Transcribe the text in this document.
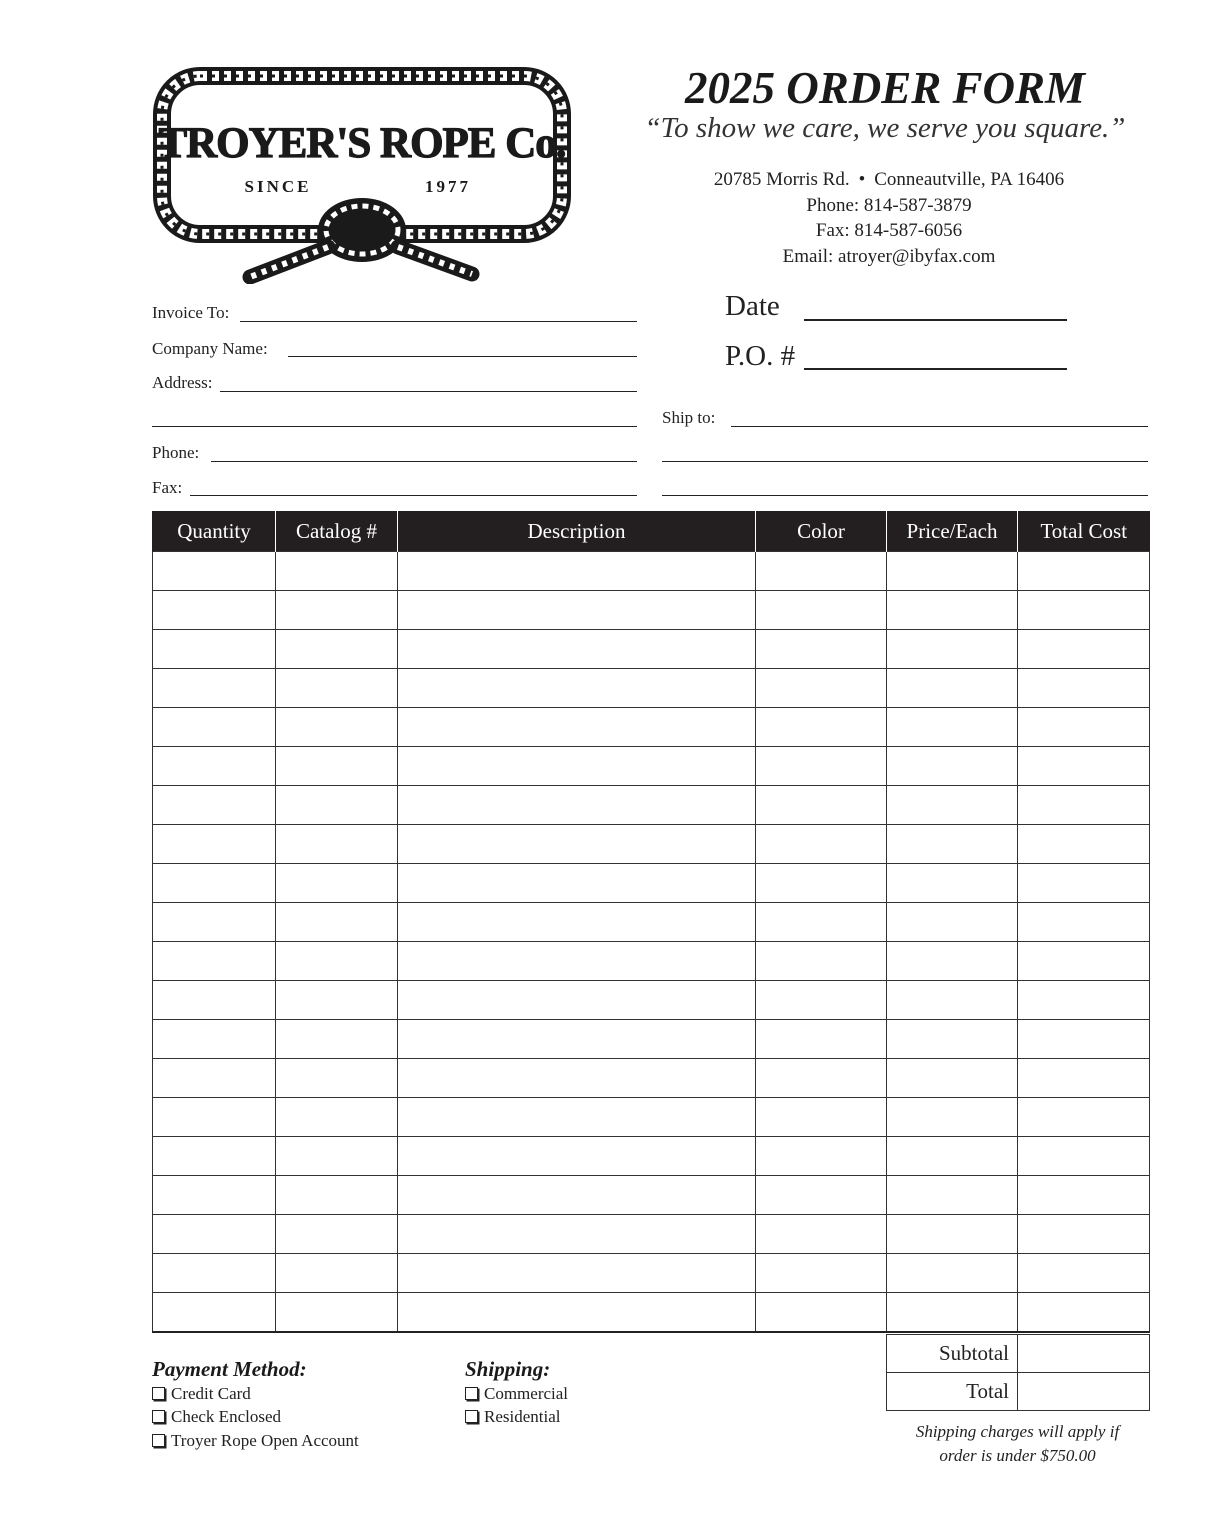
TROYER'S ROPE Co.
SINCE	1977
2025 ORDER FORM
“To show we care, we serve you square.”
20785 Morris Rd. • Conneautville, PA 16406
Phone: 814-587-3879
Fax: 814-587-6056
Email: atroyer@ibyfax.com
Invoice To:
Company Name:
Address:
Phone:
Fax:
Date
P.O. #
Ship to:
Quantity	Catalog #	Description	Color	Price/Each	Total Cost

Subtotal	
Total	
Shipping charges will apply if
order is under $750.00
Payment Method:
Credit Card
Check Enclosed
Troyer Rope Open Account
Shipping:
Commercial
Residential
